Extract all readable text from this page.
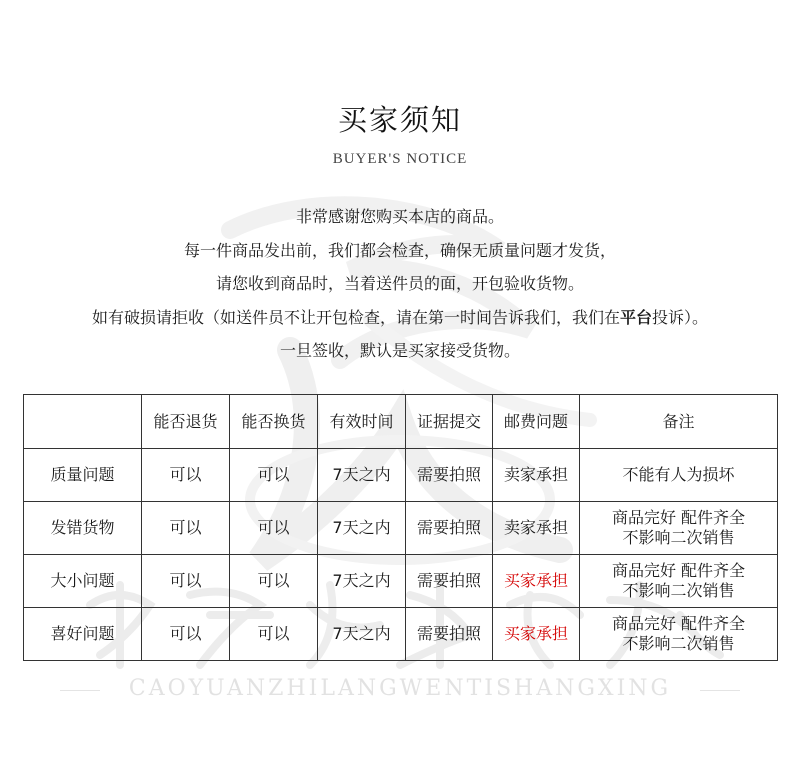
CAOYUANZHILANGWENTISHANGXING
买家须知
BUYER'S NOTICE
非常感谢您购买本店的商品。
每一件商品发出前，我们都会检查，确保无质量问题才发货，
请您收到商品时，当着送件员的面，开包验收货物。
如有破损请拒收（如送件员不让开包检查，请在第一时间告诉我们，我们在平台投诉）。
一旦签收，默认是买家接受货物。
	能否退货	能否换货	有效时间	证据提交	邮费问题	备注
质量问题	可以	可以	7天之内	需要拍照	卖家承担	不能有人为损坏

发错货物	可以	可以	7天之内	需要拍照	卖家承担	商品完好 配件齐全
不影响二次销售

大小问题	可以	可以	7天之内	需要拍照	买家承担	商品完好 配件齐全
不影响二次销售

喜好问题	可以	可以	7天之内	需要拍照	买家承担	商品完好 配件齐全
不影响二次销售
